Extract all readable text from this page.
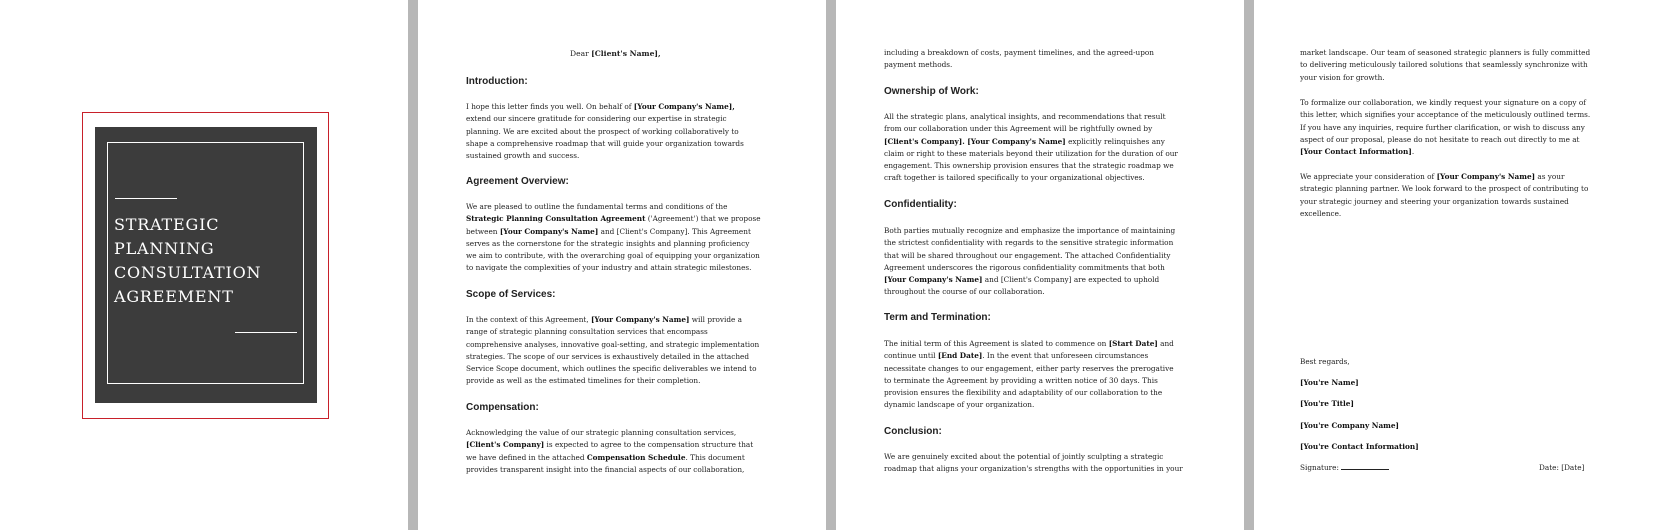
STRATEGIC
PLANNING
CONSULTATION
AGREEMENT
Dear [Client's Name],
Introduction:
I hope this letter finds you well. On behalf of [Your Company's Name],
extend our sincere gratitude for considering our expertise in strategic
planning. We are excited about the prospect of working collaboratively to
shape a comprehensive roadmap that will guide your organization towards
sustained growth and success.
Agreement Overview:
We are pleased to outline the fundamental terms and conditions of the
Strategic Planning Consultation Agreement ('Agreement') that we propose
between [Your Company's Name] and [Client's Company]. This Agreement
serves as the cornerstone for the strategic insights and planning proficiency
we aim to contribute, with the overarching goal of equipping your organization
to navigate the complexities of your industry and attain strategic milestones.
Scope of Services:
In the context of this Agreement, [Your Company's Name] will provide a
range of strategic planning consultation services that encompass
comprehensive analyses, innovative goal-setting, and strategic implementation
strategies. The scope of our services is exhaustively detailed in the attached
Service Scope document, which outlines the specific deliverables we intend to
provide as well as the estimated timelines for their completion.
Compensation:
Acknowledging the value of our strategic planning consultation services,
[Client's Company] is expected to agree to the compensation structure that
we have defined in the attached Compensation Schedule. This document
provides transparent insight into the financial aspects of our collaboration,
including a breakdown of costs, payment timelines, and the agreed-upon
payment methods.
Ownership of Work:
All the strategic plans, analytical insights, and recommendations that result
from our collaboration under this Agreement will be rightfully owned by
[Client's Company]. [Your Company's Name] explicitly relinquishes any
claim or right to these materials beyond their utilization for the duration of our
engagement. This ownership provision ensures that the strategic roadmap we
craft together is tailored specifically to your organizational objectives.
Confidentiality:
Both parties mutually recognize and emphasize the importance of maintaining
the strictest confidentiality with regards to the sensitive strategic information
that will be shared throughout our engagement. The attached Confidentiality
Agreement underscores the rigorous confidentiality commitments that both
[Your Company's Name] and [Client's Company] are expected to uphold
throughout the course of our collaboration.
Term and Termination:
The initial term of this Agreement is slated to commence on [Start Date] and
continue until [End Date]. In the event that unforeseen circumstances
necessitate changes to our engagement, either party reserves the prerogative
to terminate the Agreement by providing a written notice of 30 days. This
provision ensures the flexibility and adaptability of our collaboration to the
dynamic landscape of your organization.
Conclusion:
We are genuinely excited about the potential of jointly sculpting a strategic
roadmap that aligns your organization's strengths with the opportunities in your
market landscape. Our team of seasoned strategic planners is fully committed
to delivering meticulously tailored solutions that seamlessly synchronize with
your vision for growth.
To formalize our collaboration, we kindly request your signature on a copy of
this letter, which signifies your acceptance of the meticulously outlined terms.
If you have any inquiries, require further clarification, or wish to discuss any
aspect of our proposal, please do not hesitate to reach out directly to me at
[Your Contact Information].
We appreciate your consideration of [Your Company's Name] as your
strategic planning partner. We look forward to the prospect of contributing to
your strategic journey and steering your organization towards sustained
excellence.
Best regards,
[You're Name]
[You're Title]
[You're Company Name]
[You're Contact Information]
Signature:	Date: [Date]
